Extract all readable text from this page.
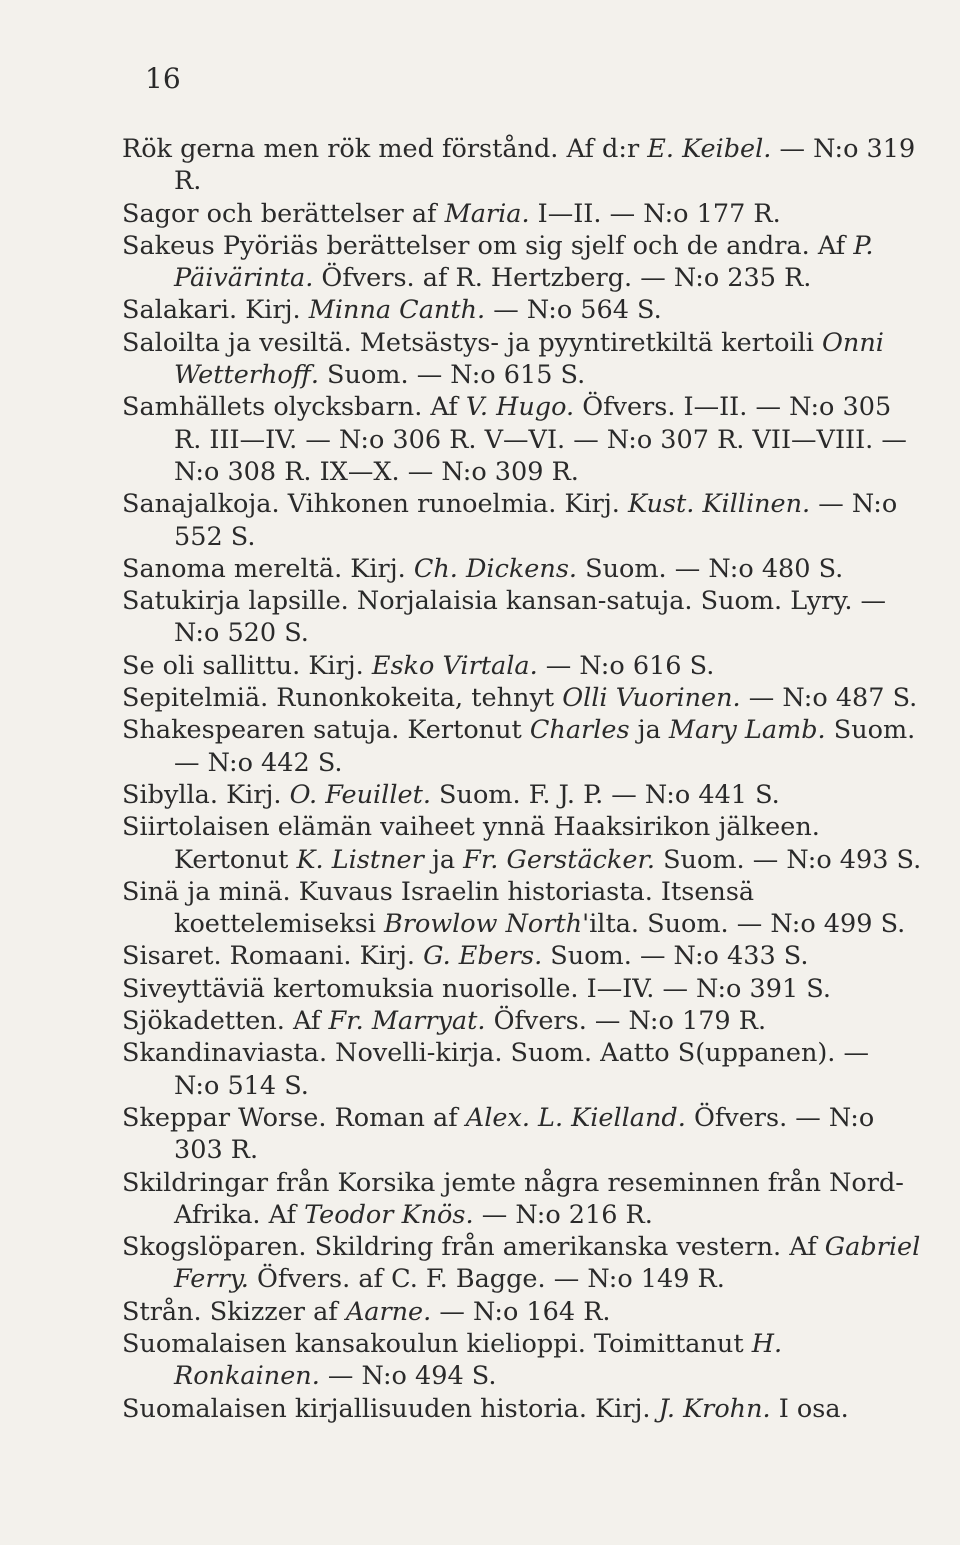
16
Rök gerna men rök med förstånd. Af d:r E. Keibel. — N:o 319 R.
Sagor och berättelser af Maria. I—II. — N:o 177 R.
Sakeus Pyöriäs berättelser om sig sjelf och de andra. Af P. Päivärinta. Öfvers. af R. Hertzberg. — N:o 235 R.
Salakari. Kirj. Minna Canth. — N:o 564 S.
Saloilta ja vesiltä. Metsästys- ja pyyntiretkiltä kertoili Onni Wetterhoff. Suom. — N:o 615 S.
Samhällets olycksbarn. Af V. Hugo. Öfvers. I—II. — N:o 305 R. III—IV. — N:o 306 R. V—VI. — N:o 307 R. VII—VIII. — N:o 308 R. IX—X. — N:o 309 R.
Sanajalkoja. Vihkonen runoelmia. Kirj. Kust. Killinen. — N:o 552 S.
Sanoma mereltä. Kirj. Ch. Dickens. Suom. — N:o 480 S.
Satukirja lapsille. Norjalaisia kansan-satuja. Suom. Lyry. — N:o 520 S.
Se oli sallittu. Kirj. Esko Virtala. — N:o 616 S.
Sepitelmiä. Runonkokeita, tehnyt Olli Vuorinen. — N:o 487 S.
Shakespearen satuja. Kertonut Charles ja Mary Lamb. Suom. — N:o 442 S.
Sibylla. Kirj. O. Feuillet. Suom. F. J. P. — N:o 441 S.
Siirtolaisen elämän vaiheet ynnä Haaksirikon jälkeen. Kertonut K. Listner ja Fr. Gerstäcker. Suom. — N:o 493 S.
Sinä ja minä. Kuvaus Israelin historiasta. Itsensä koettelemiseksi Browlow North'ilta. Suom. — N:o 499 S.
Sisaret. Romaani. Kirj. G. Ebers. Suom. — N:o 433 S.
Siveyttäviä kertomuksia nuorisolle. I—IV. — N:o 391 S.
Sjökadetten. Af Fr. Marryat. Öfvers. — N:o 179 R.
Skandinaviasta. Novelli-kirja. Suom. Aatto S(uppanen). — N:o 514 S.
Skeppar Worse. Roman af Alex. L. Kielland. Öfvers. — N:o 303 R.
Skildringar från Korsika jemte några reseminnen från Nord-Afrika. Af Teodor Knös. — N:o 216 R.
Skogslöparen. Skildring från amerikanska vestern. Af Gabriel Ferry. Öfvers. af C. F. Bagge. — N:o 149 R.
Strån. Skizzer af Aarne. — N:o 164 R.
Suomalaisen kansakoulun kielioppi. Toimittanut H. Ronkainen. — N:o 494 S.
Suomalaisen kirjallisuuden historia. Kirj. J. Krohn. I osa.
